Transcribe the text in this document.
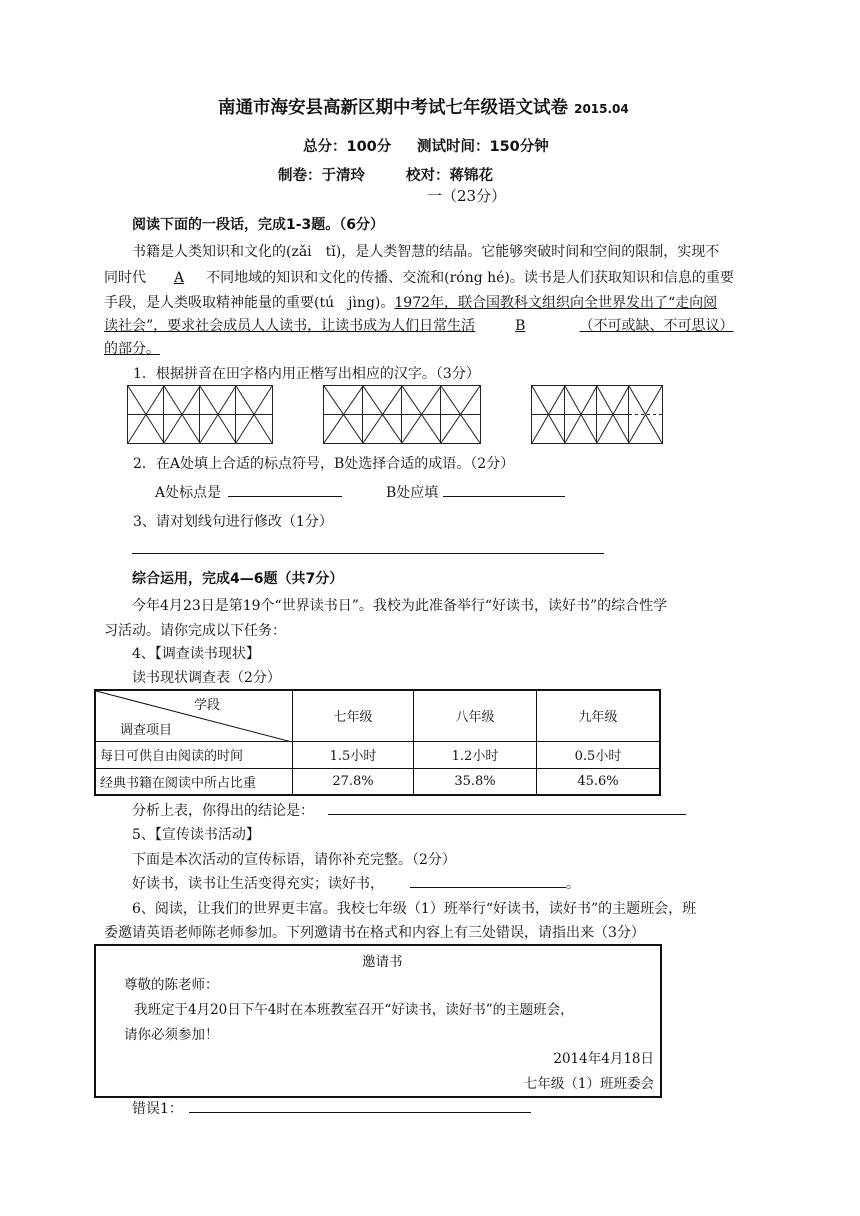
南通市海安县高新区期中考试七年级语文试卷 2015.04
总分：100分 测试时间：150分钟
制卷：于清玲	校对：蒋锦花
一（23分）
阅读下面的一段话，完成1-3题。（6分）
书籍是人类知识和文化的(zǎi　tǐ)，是人类智慧的结晶。它能够突破时间和空间的限制，实现不
同时代 A 不同地域的知识和文化的传播、交流和(róng hé)。读书是人们获取知识和信息的重要
手段，是人类吸取精神能量的重要(tú　jìng)。1972年，联合国教科文组织向全世界发出了“走向阅
读社会”，要求社会成员人人读书，让读书成为人们日常生活	B	（不可或缺、不可思议）
的部分。
1．根据拼音在田字格内用正楷写出相应的汉字。（3分）
2．在A处填上合适的标点符号，B处选择合适的成语。（2分）
A处标点是	B处应填
3、请对划线句进行修改（1分）
综合运用，完成4—6题（共7分）
今年4月23日是第19个“世界读书日”。我校为此准备举行“好读书，读好书”的综合性学
习活动。请你完成以下任务：
4、【调查读书现状】
读书现状调查表（2分）
学段
调查项目	七年级	八年级	九年级
每日可供自由阅读的时间	1.5小时	1.2小时	0.5小时
经典书籍在阅读中所占比重	27.8%	35.8%	45.6%
分析上表，你得出的结论是：
5、【宣传读书活动】
下面是本次活动的宣传标语，请你补充完整。（2分）
好读书，读书让生活变得充实；读好书，	。
6、阅读，让我们的世界更丰富。我校七年级（1）班举行“好读书，读好书”的主题班会，班
委邀请英语老师陈老师参加。下列邀请书在格式和内容上有三处错误，请指出来（3分）
邀请书
尊敬的陈老师：
我班定于4月20日下午4时在本班教室召开“好读书，读好书”的主题班会，
请你必须参加！
2014年4月18日
七年级（1）班班委会
错误1：
